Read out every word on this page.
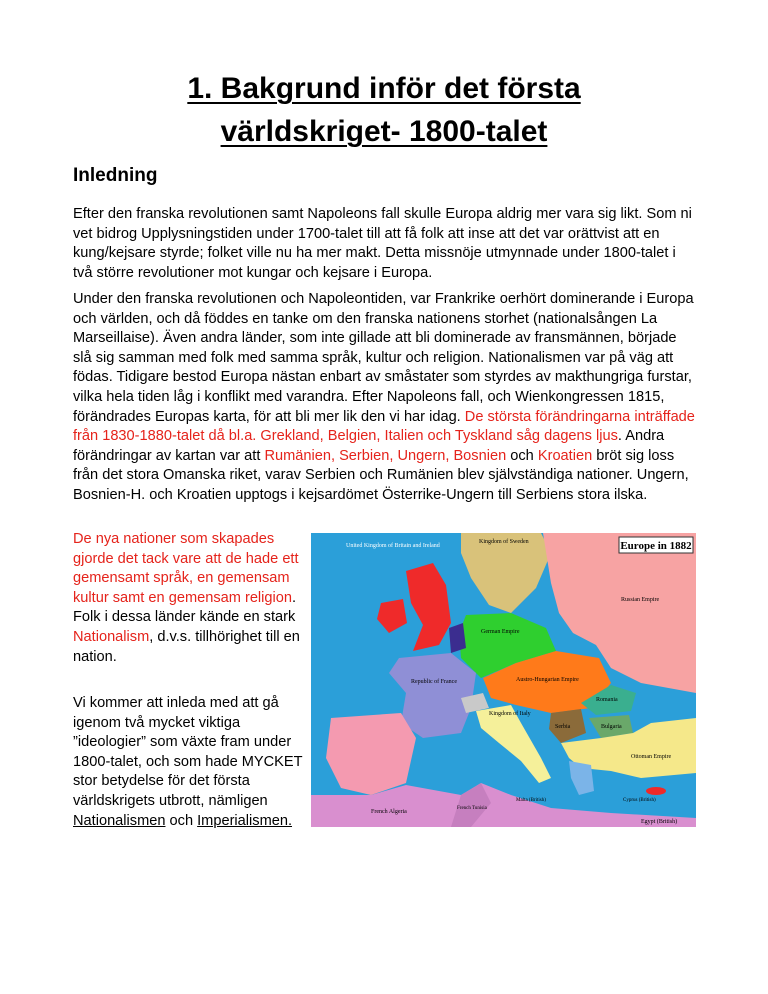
1. Bakgrund inför det första
världskriget- 1800-talet
Inledning
Efter den franska revolutionen samt Napoleons fall skulle Europa aldrig mer vara sig likt. Som ni vet bidrog Upplysningstiden under 1700-talet till att få folk att inse att det var orättvist att en kung/kejsare styrde; folket ville nu ha mer makt. Detta missnöje utmynnade under 1800-talet i två större revolutioner mot kungar och kejsare i Europa.
Under den franska revolutionen och Napoleontiden, var Frankrike oerhört dominerande i Europa och världen, och då föddes en tanke om den franska nationens storhet (nationalsången La Marseillaise). Även andra länder, som inte gillade att bli dominerade av fransmännen, började slå sig samman med folk med samma språk, kultur och religion. Nationalismen var på väg att födas. Tidigare bestod Europa nästan enbart av småstater som styrdes av makthungriga furstar, vilka hela tiden låg i konflikt med varandra. Efter Napoleons fall, och Wienkongressen 1815, förändrades Europas karta, för att bli mer lik den vi har idag. De största förändringarna inträffade från 1830-1880-talet då bl.a. Grekland, Belgien, Italien och Tyskland såg dagens ljus. Andra förändringar av kartan var att Rumänien, Serbien, Ungern, Bosnien och Kroatien bröt sig loss från det stora Omanska riket, varav Serbien och Rumänien blev självständiga nationer. Ungern, Bosnien-H. och Kroatien upptogs i kejsardömet Österrike-Ungern till Serbiens stora ilska.
De nya nationer som skapades gjorde det tack vare att de hade ett gemensamt språk, en gemensam kultur samt en gemensam religion. Folk i dessa länder kände en stark Nationalism, d.v.s. tillhörighet till en nation.
Vi kommer att inleda med att gå igenom två mycket viktiga ”ideologier” som växte fram under 1800-talet, och som hade MYCKET stor betydelse för det första världskrigets utbrott, nämligen Nationalismen och Imperialismen.
Europe in 1882
United Kingdom of Britain and Ireland
Kingdom of Sweden
Russian Empire
German Empire
Republic of France	Austro-Hungarian Empire
Kingdom of Italy
Romania
Bulgaria
Serbia
Ottoman Empire
French Algeria
French Tunisia
Cyprus (British)
Egypt (British)
Malta (British)
